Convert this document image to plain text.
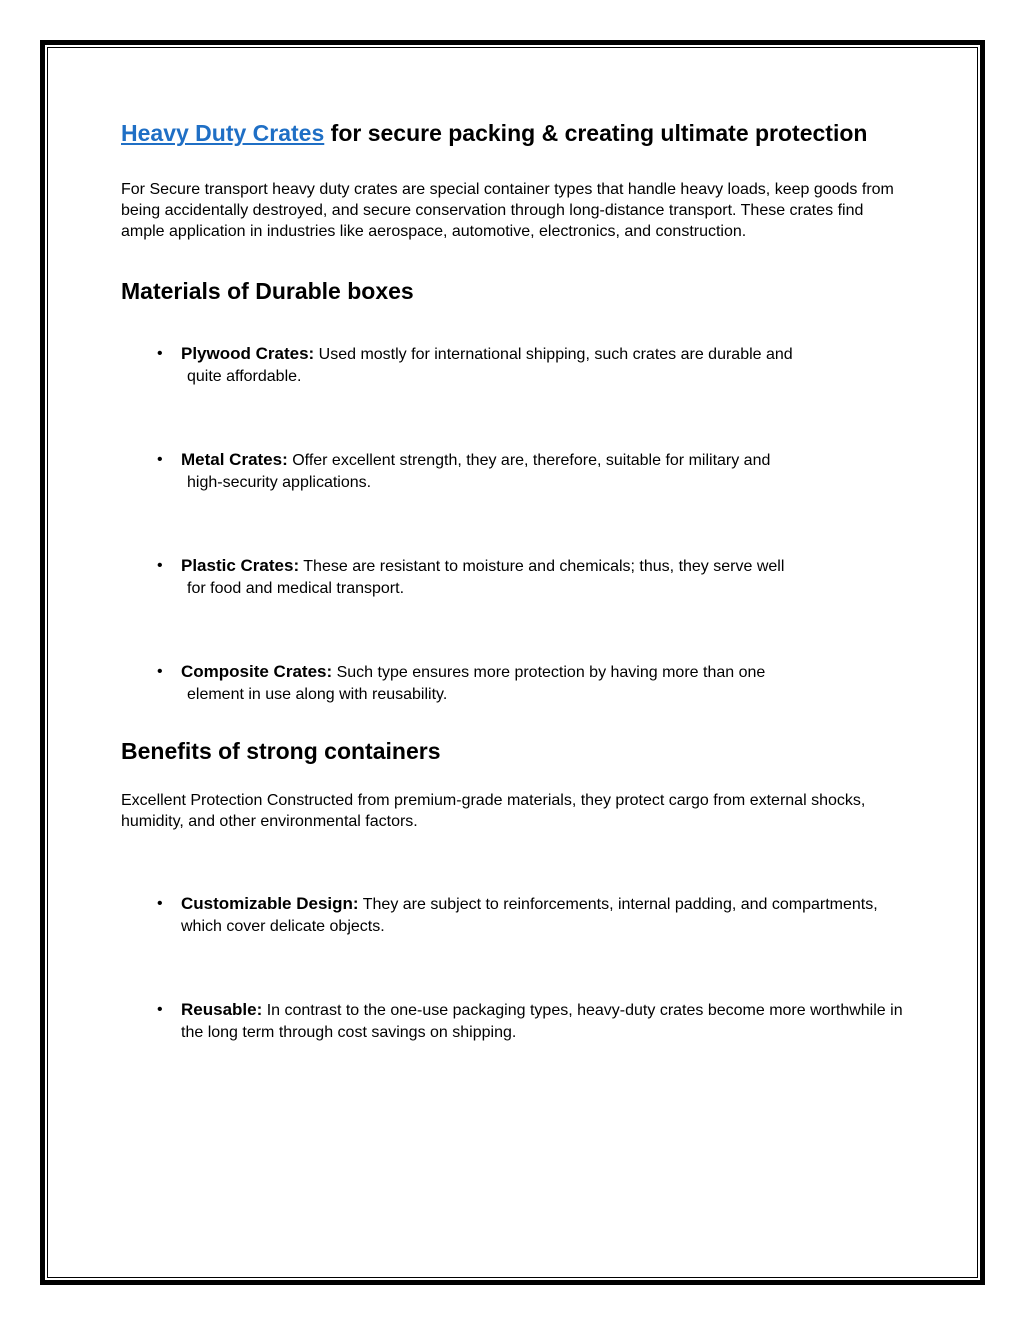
Heavy Duty Crates for secure packing & creating ultimate protection

For Secure transport heavy duty crates are special container types that handle heavy loads, keep goods from being accidentally destroyed, and secure conservation through long-distance transport. These crates find ample application in industries like aerospace, automotive, electronics, and construction.

Materials of Durable boxes
• Plywood Crates: Used mostly for international shipping, such crates are durable and
quite affordable.
• Metal Crates: Offer excellent strength, they are, therefore, suitable for military and
high-security applications.
• Plastic Crates: These are resistant to moisture and chemicals; thus, they serve well
for food and medical transport.
• Composite Crates: Such type ensures more protection by having more than one
element in use along with reusability.
Benefits of strong containers

Excellent Protection Constructed from premium-grade materials, they protect cargo from external shocks, humidity, and other environmental factors.

• Customizable Design: They are subject to reinforcements, internal padding, and compartments, which cover delicate objects.
• Reusable: In contrast to the one-use packaging types, heavy-duty crates become more worthwhile in the long term through cost savings on shipping.
